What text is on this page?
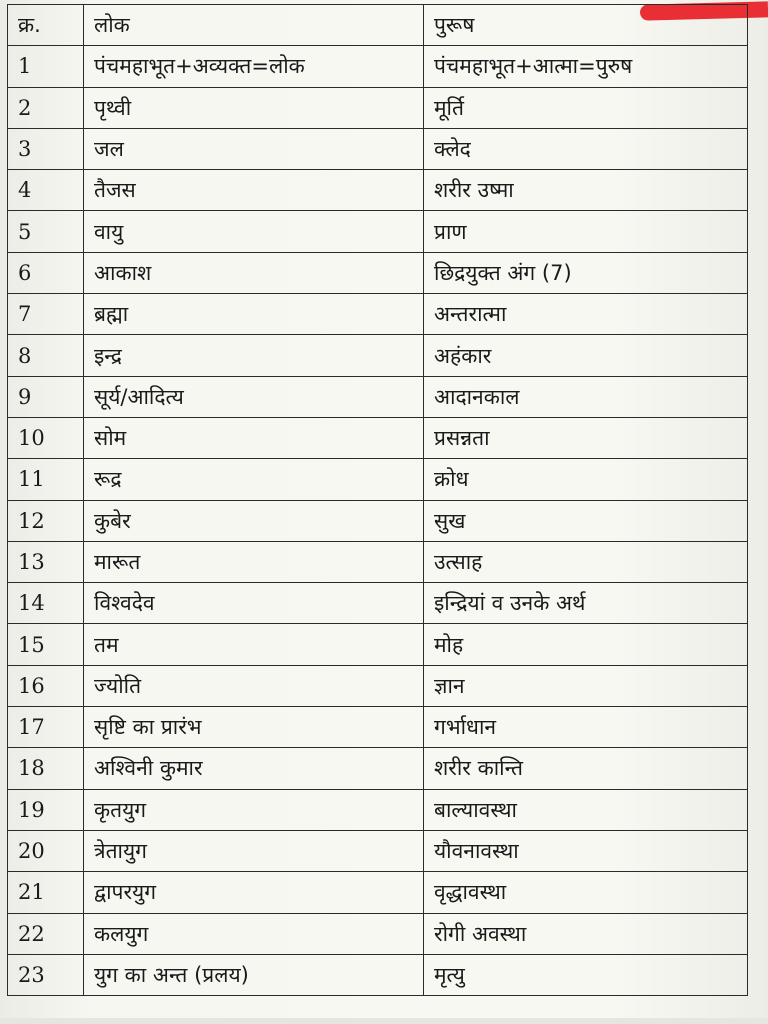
क्र.	लोक	पुरूष
1	पंचमहाभूत+अव्यक्त=लोक	पंचमहाभूत+आत्मा=पुरुष
2	पृथ्वी	मूर्ति
3	जल	क्लेद
4	तैजस	शरीर उष्मा
5	वायु	प्राण
6	आकाश	छिद्रयुक्त अंग (7)
7	ब्रह्मा	अन्तरात्मा
8	इन्द्र	अहंकार
9	सूर्य/आदित्य	आदानकाल
10	सोम	प्रसन्नता
11	रूद्र	क्रोध
12	कुबेर	सुख
13	मारूत	उत्साह
14	विश्वदेव	इन्द्रियां व उनके अर्थ
15	तम	मोह
16	ज्योति	ज्ञान
17	सृष्टि का प्रारंभ	गर्भाधान
18	अश्विनी कुमार	शरीर कान्ति
19	कृतयुग	बाल्यावस्था
20	त्रेतायुग	यौवनावस्था
21	द्वापरयुग	वृद्धावस्था
22	कलयुग	रोगी अवस्था
23	युग का अन्त (प्रलय)	मृत्यु
